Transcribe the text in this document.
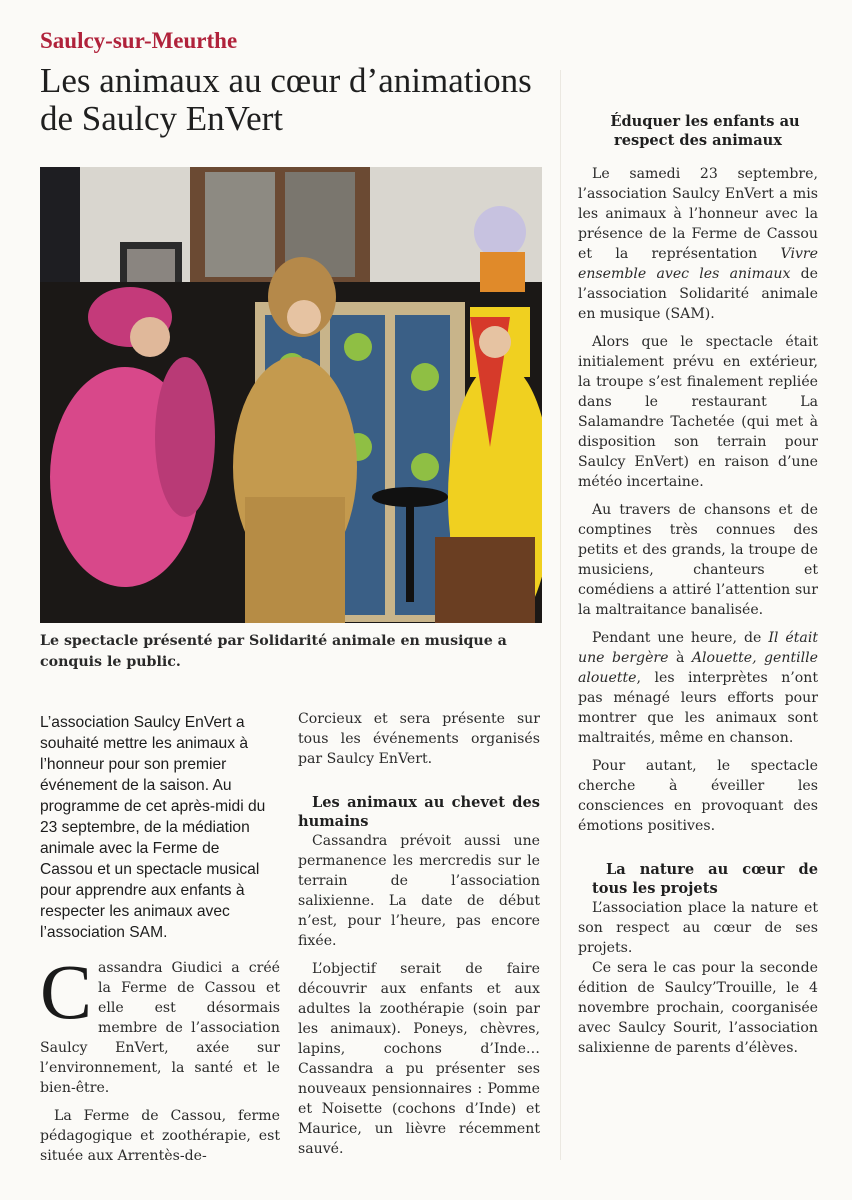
Saulcy-sur-Meurthe
Les animaux au cœur d’animations de Saulcy EnVert
Le spectacle présenté par Solidarité animale en musique a conquis le public.
L’association Saulcy EnVert a souhaité mettre les animaux à l’honneur pour son premier événement de la saison. Au programme de cet après-midi du 23 septembre, de la médiation animale avec la Ferme de Cassou et un spectacle musical pour apprendre aux enfants à respecter les animaux avec l’association SAM.

Cassandra Giudici a créé la Ferme de Cassou et elle est désormais membre de l’association Saulcy EnVert, axée sur l’environnement, la santé et le bien-être.

La Ferme de Cassou, ferme pédagogique et zoothérapie, est située aux Arrentès-de-

Corcieux et sera présente sur tous les événements organisés par Saulcy EnVert.

Les animaux au chevet des humains

Cassandra prévoit aussi une permanence les mercredis sur le terrain de l’association salixienne. La date de début n’est, pour l’heure, pas encore fixée.

L’objectif serait de faire découvrir aux enfants et aux adultes la zoothérapie (soin par les animaux). Poneys, chèvres, lapins, cochons d’Inde… Cassandra a pu présenter ses nouveaux pensionnaires : Pomme et Noisette (cochons d’Inde) et Maurice, un lièvre récemment sauvé.

Éduquer les enfants au respect des animaux

Le samedi 23 septembre, l’association Saulcy EnVert a mis les animaux à l’honneur avec la présence de la Ferme de Cassou et la représentation Vivre ensemble avec les animaux de l’association Solidarité animale en musique (SAM).

Alors que le spectacle était initialement prévu en extérieur, la troupe s’est finalement repliée dans le restaurant La Salamandre Tachetée (qui met à disposition son terrain pour Saulcy EnVert) en raison d’une météo incertaine.

Au travers de chansons et de comptines très connues des petits et des grands, la troupe de musiciens, chanteurs et comédiens a attiré l’attention sur la maltraitance banalisée.

Pendant une heure, de Il était une bergère à Alouette, gentille alouette, les interprètes n’ont pas ménagé leurs efforts pour montrer que les animaux sont maltraités, même en chanson.

Pour autant, le spectacle cherche à éveiller les consciences en provoquant des émotions positives.

La nature au cœur de tous les projets

L’association place la nature et son respect au cœur de ses projets.

Ce sera le cas pour la seconde édition de Saulcy’Trouille, le 4 novembre prochain, coorganisée avec Saulcy Sourit, l’association salixienne de parents d’élèves.
